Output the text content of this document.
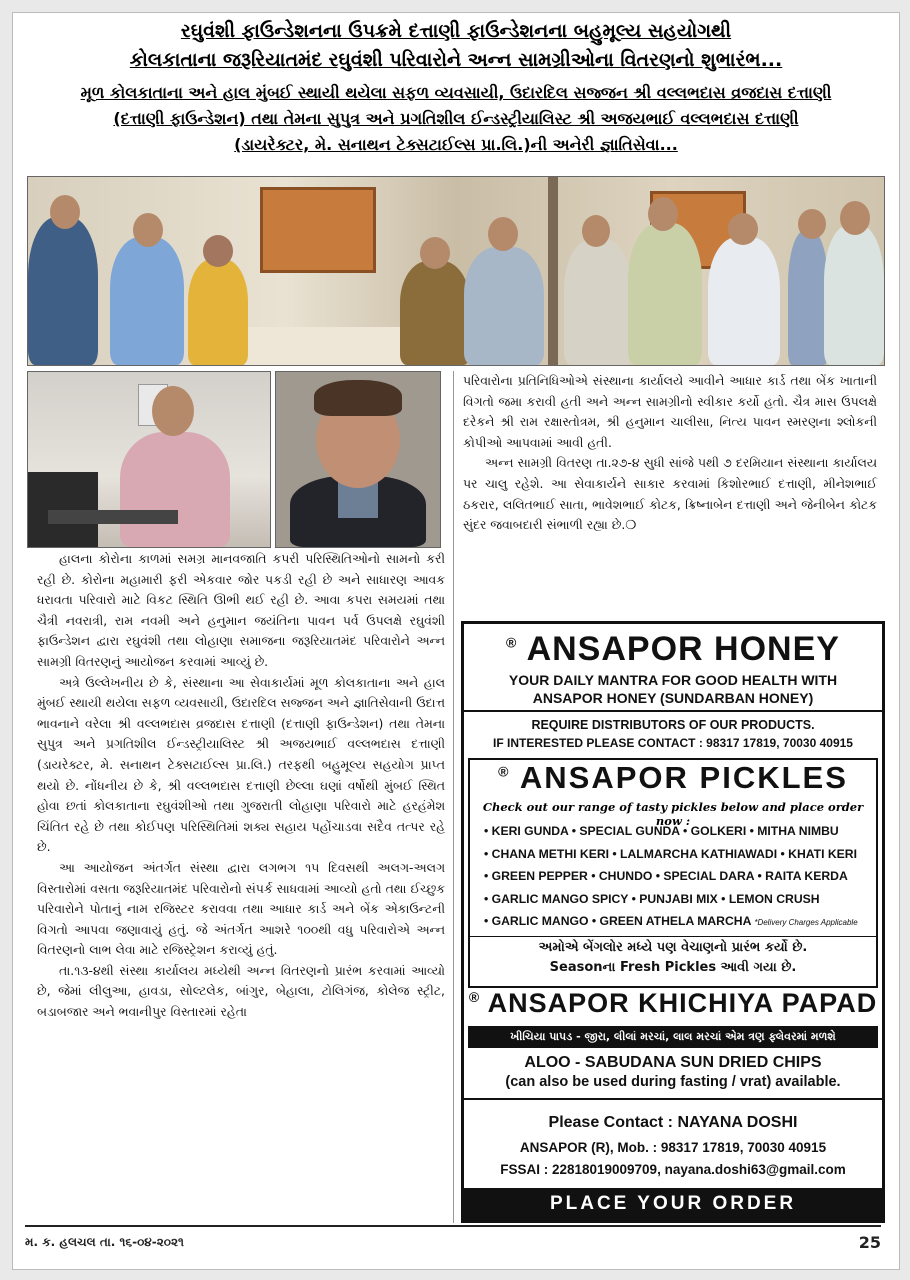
રઘુવંશી ફાઉન્ડેશનના ઉપક્રમે દત્તાણી ફાઉન્ડેશનના બહુમૂલ્ય સહયોગથી
કોલકાતાના જરૂરિયાતમંદ રઘુવંશી પરિવારોને અન્ન સામગ્રીઓના વિતરણનો શુભારંભ...
મૂળ કોલકાતાના અને હાલ મુંબઈ સ્થાયી થયેલા સફળ વ્યવસાયી, ઉદારદિલ સજ્જન શ્રી વલ્લભદાસ વ્રજદાસ દત્તાણી
(દત્તાણી ફાઉન્ડેશન) તથા તેમના સુપુત્ર અને પ્રગતિશીલ ઈન્ડસ્ટ્રીયાલિસ્ટ શ્રી અજયભાઈ વલ્લભદાસ દત્તાણી
(ડાયરેક્ટર, મે. સનાથન ટેક્સટાઈલ્સ પ્રા.લિ.)ની અનેરી જ્ઞાતિસેવા...

હાલના કોરોના કાળમાં સમગ્ર માનવજાતિ કપરી પરિસ્થિતિઓનો સામનો કરી રહી છે. કોરોના મહામારી ફરી એકવાર જોર પકડી રહી છે અને સાધારણ આવક ધરાવતા પરિવારો માટે વિકટ સ્થિતિ ઊભી થઈ રહી છે. આવા કપરા સમયમાં તથા ચૈત્રી નવરાત્રી, રામ નવમી અને હનુમાન જયંતિના પાવન પર્વ ઉપલક્ષે રઘુવંશી ફાઉન્ડેશન દ્વારા રઘુવંશી તથા લોહાણા સમાજના જરૂરિયાતમંદ પરિવારોને અન્ન સામગ્રી વિતરણનું આયોજન કરવામાં આવ્યું છે.

અત્રે ઉલ્લેખનીય છે કે, સંસ્થાના આ સેવાકાર્યમાં મૂળ કોલકાતાના અને હાલ મુંબઈ સ્થાયી થયેલા સફળ વ્યવસાયી, ઉદારદિલ સજ્જન અને જ્ઞાતિસેવાની ઉદાત્ત ભાવનાને વરેલા શ્રી વલ્લભદાસ વ્રજદાસ દત્તાણી (દત્તાણી ફાઉન્ડેશન) તથા તેમના સુપુત્ર અને પ્રગતિશીલ ઈન્ડસ્ટ્રીયાલિસ્ટ શ્રી અજયભાઈ વલ્લભદાસ દત્તાણી (ડાયરેક્ટર, મે. સનાથન ટેક્સટાઈલ્સ પ્રા.લિ.) તરફથી બહુમૂલ્ય સહયોગ પ્રાપ્ત થયો છે. નોંધનીય છે કે, શ્રી વલ્લભદાસ દત્તાણી છેલ્લા ઘણાં વર્ષોથી મુંબઈ સ્થિત હોવા છતાં કોલકાતાના રઘુવંશીઓ તથા ગુજરાતી લોહાણા પરિવારો માટે હરહંમેશ ચિંતિત રહે છે તથા કોઈપણ પરિસ્થિતિમાં શક્ય સહાય પહોંચાડવા સદૈવ તત્પર રહે છે.

આ આયોજન અંતર્ગત સંસ્થા દ્વારા લગભગ ૧૫ દિવસથી અલગ-અલગ વિસ્તારોમાં વસતા જરૂરિયાતમંદ પરિવારોનો સંપર્ક સાધવામાં આવ્યો હતો તથા ઈચ્છુક પરિવારોને પોતાનું નામ રજિસ્ટર કરાવવા તથા આધાર કાર્ડ અને બેંક એકાઉન્ટની વિગતો આપવા જણાવાયું હતું. જે અંતર્ગત આશરે ૧૦૦થી વધુ પરિવારોએ અન્ન વિતરણનો લાભ લેવા માટે રજિસ્ટ્રેશન કરાવ્યું હતું.

તા.૧૩-૪થી સંસ્થા કાર્યાલય મધ્યેથી અન્ન વિતરણનો પ્રારંભ કરવામાં આવ્યો છે, જેમાં લીલુઆ, હાવડા, સોલ્ટલેક, બાંગુર, બેહાલા, ટોલિગંજ, કોલેજ સ્ટ્રીટ, બડાબજાર અને ભવાનીપુર વિસ્તારમાં રહેતા

પરિવારોના પ્રતિનિધિઓએ સંસ્થાના કાર્યાલયે આવીને આધાર કાર્ડ તથા બેંક ખાતાની વિગતો જમા કરાવી હતી અને અન્ન સામગ્રીનો સ્વીકાર કર્યો હતો. ચૈત્ર માસ ઉપલક્ષે દરેકને શ્રી રામ રક્ષાસ્તોત્રમ, શ્રી હનુમાન ચાલીસા, નિત્ય પાવન સ્મરણના શ્લોકની કોપીઓ આપવામાં આવી હતી.

અન્ન સામગ્રી વિતરણ તા.૨૭-૪ સુધી સાંજે ૫થી ૭ દરમિયાન સંસ્થાના કાર્યાલય પર ચાલુ રહેશે. આ સેવાકાર્યને સાકાર કરવામાં કિશોરભાઈ દત્તાણી, મીનેશભાઈ ઠકરાર, લલિતભાઈ સાતા, ભાવેશભાઈ કોટક, ક્રિષ્નાબેન દત્તાણી અને જેનીબેન કોટક સુંદર જવાબદારી સંભાળી રહ્યા છે.❍

® ANSAPOR HONEY
YOUR DAILY MANTRA FOR GOOD HEALTH WITH
ANSAPOR HONEY (SUNDARBAN HONEY)
REQUIRE DISTRIBUTORS OF OUR PRODUCTS.
IF INTERESTED PLEASE CONTACT : 98317 17819, 70030 40915
® ANSAPOR PICKLES
Check out our range of tasty pickles below and place order now :
• KERI GUNDA • SPECIAL GUNDA • GOLKERI • MITHA NIMBU
• CHANA METHI KERI • LALMARCHA KATHIAWADI • KHATI KERI
• GREEN PEPPER • CHUNDO • SPECIAL DARA • RAITA KERDA
• GARLIC MANGO SPICY • PUNJABI MIX • LEMON CRUSH
• GARLIC MANGO • GREEN ATHELA MARCHA *Delivery Charges Applicable
અમોએ બેંગલોર મધ્યે પણ વેચાણનો પ્રારંભ કર્યો છે.
Seasonના Fresh Pickles આવી ગયા છે.
® ANSAPOR KHICHIYA PAPAD
ખીચિયા પાપડ - જીરા, લીલાં મરચાં, લાલ મરચાં એમ ત્રણ ફ્લેવરમાં મળશે
ALOO - SABUDANA SUN DRIED CHIPS
(can also be used during fasting / vrat) available.
Please Contact : NAYANA DOSHI
ANSAPOR (R), Mob. : 98317 17819, 70030 40915
FSSAI : 22818019009709, nayana.doshi63@gmail.com
PLACE YOUR ORDER
મ. ક. હલચલ તા. ૧૬-૦૪-૨૦૨૧	25
